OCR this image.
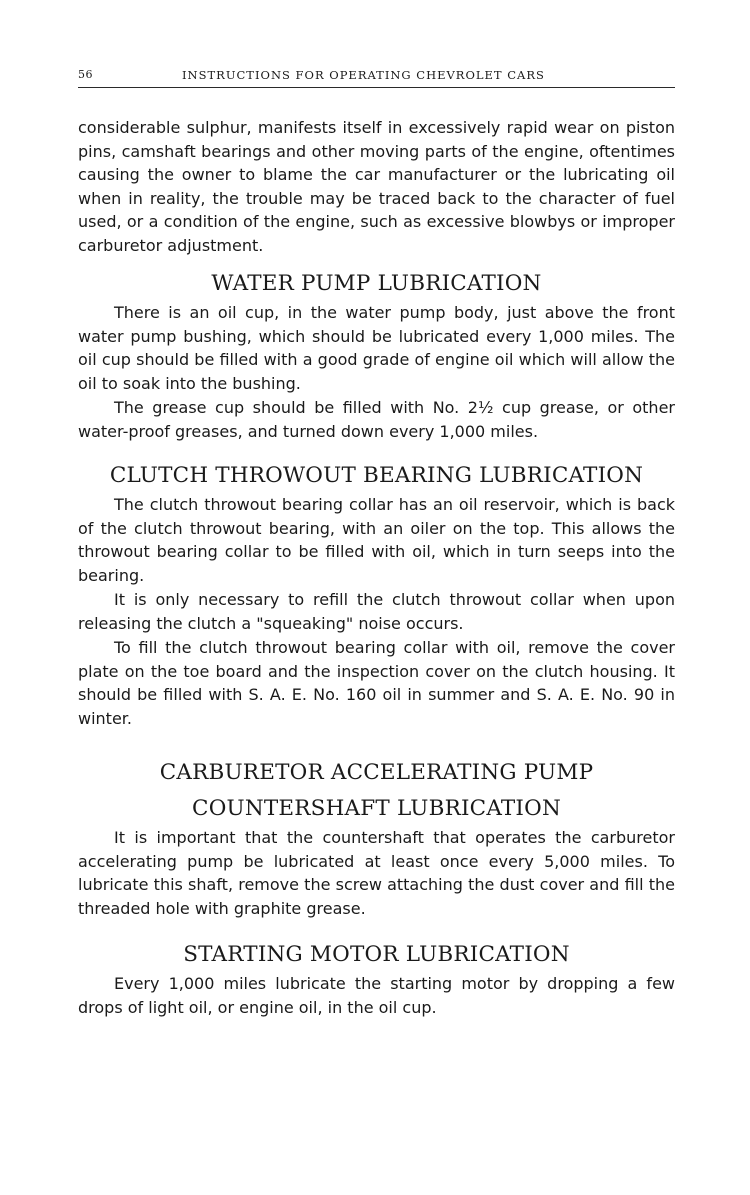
56	INSTRUCTIONS FOR OPERATING CHEVROLET CARS

considerable sulphur, manifests itself in excessively rapid wear on piston pins, camshaft bearings and other moving parts of the engine, oftentimes causing the owner to blame the car manufacturer or the lubricating oil when in reality, the trouble may be traced back to the character of fuel used, or a condition of the engine, such as excessive blowbys or improper carburetor adjustment.

WATER PUMP LUBRICATION

There is an oil cup, in the water pump body, just above the front water pump bushing, which should be lubricated every 1,000 miles. The oil cup should be filled with a good grade of engine oil which will allow the oil to soak into the bushing.

The grease cup should be filled with No. 2½ cup grease, or other water-proof greases, and turned down every 1,000 miles.

CLUTCH THROWOUT BEARING LUBRICATION

The clutch throwout bearing collar has an oil reservoir, which is back of the clutch throwout bearing, with an oiler on the top. This allows the throwout bearing collar to be filled with oil, which in turn seeps into the bearing.

It is only necessary to refill the clutch throwout collar when upon releasing the clutch a "squeaking" noise occurs.

To fill the clutch throwout bearing collar with oil, remove the cover plate on the toe board and the inspection cover on the clutch housing. It should be filled with S. A. E. No. 160 oil in summer and S. A. E. No. 90 in winter.

CARBURETOR ACCELERATING PUMP
COUNTERSHAFT LUBRICATION

It is important that the countershaft that operates the carburetor accelerating pump be lubricated at least once every 5,000 miles. To lubricate this shaft, remove the screw attaching the dust cover and fill the threaded hole with graphite grease.

STARTING MOTOR LUBRICATION

Every 1,000 miles lubricate the starting motor by dropping a few drops of light oil, or engine oil, in the oil cup.
